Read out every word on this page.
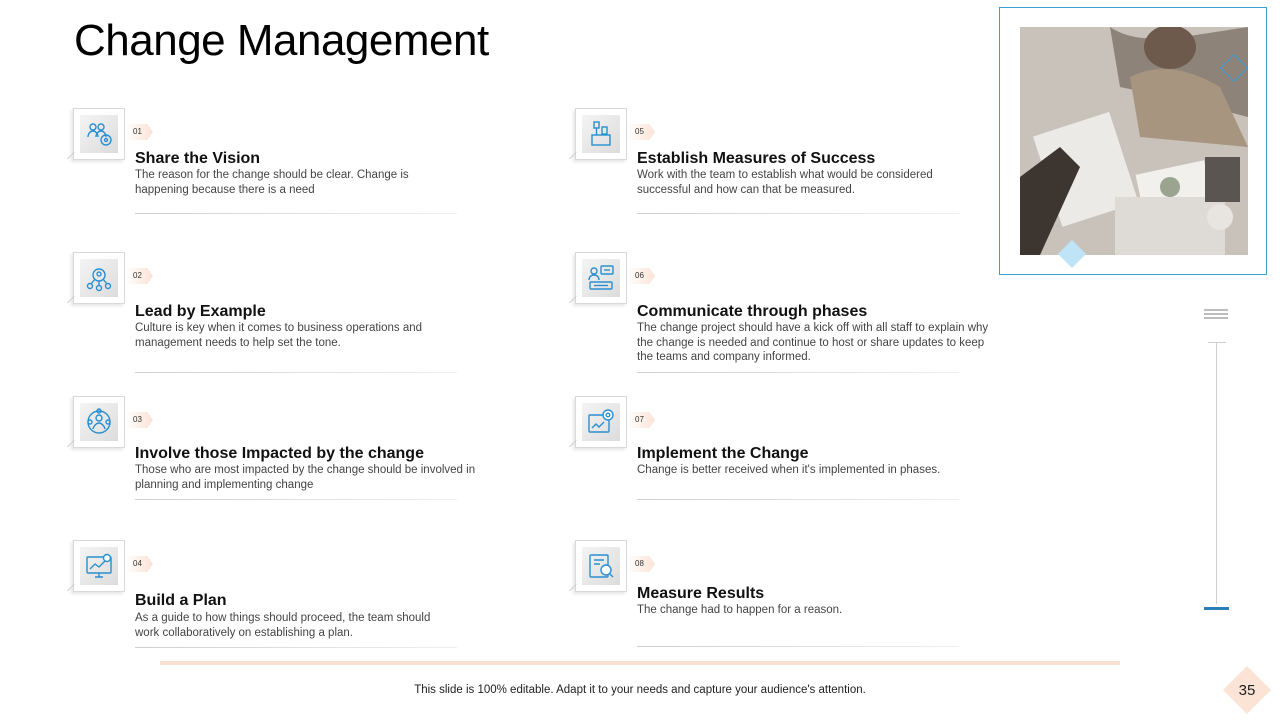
Change Management
01
Share the Vision
The reason for the change should be clear. Change is happening because there is a need
02
Lead by Example
Culture is key when it comes to business operations and management needs to help set the tone.
03
Involve those Impacted by the change
Those who are most impacted by the change should be involved in planning and implementing change
04
Build a Plan
As a guide to how things should proceed, the team should work collaboratively on establishing a plan.
05
Establish Measures of Success
Work with the team to establish what would be considered successful and how can that be measured.
06
Communicate through phases
The change project should have a kick off with all staff to explain why the change is needed and continue to host or share updates to keep the teams and company informed.
07
Implement the Change
Change is better received when it's implemented in phases.
08
Measure Results
The change had to happen for a reason.
This slide is 100% editable. Adapt it to your needs and capture your audience's attention.	35
